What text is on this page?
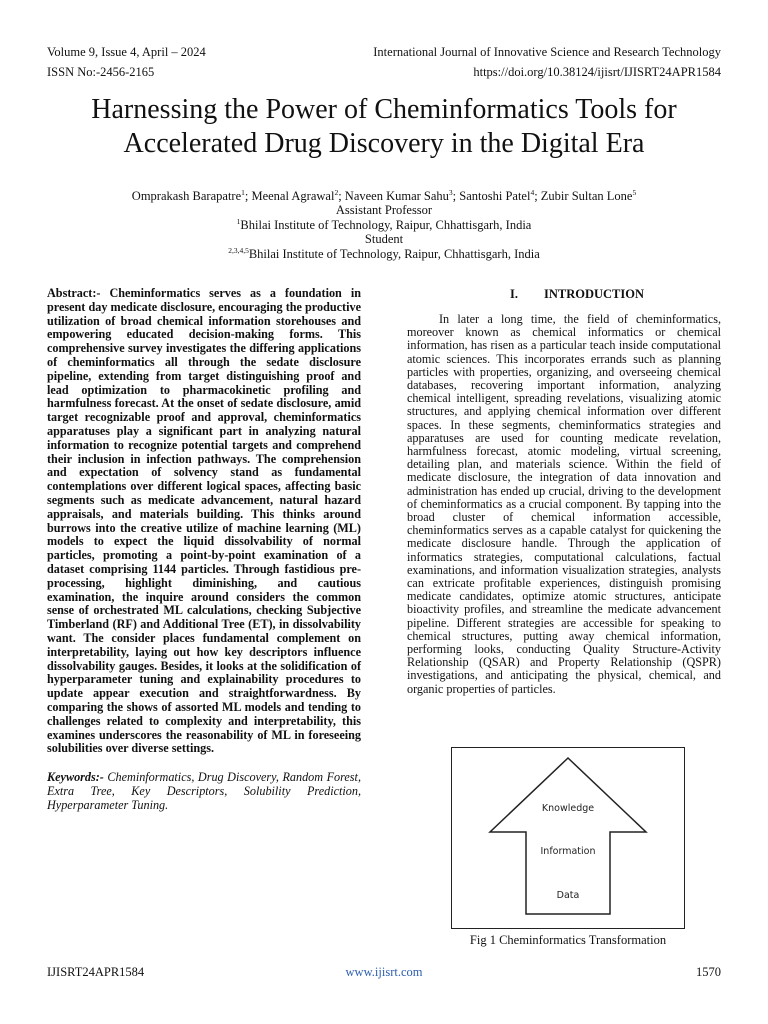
Volume 9, Issue 4, April – 2024	International Journal of Innovative Science and Research Technology
ISSN No:-2456-2165	https://doi.org/10.38124/ijisrt/IJISRT24APR1584
Harnessing the Power of Cheminformatics Tools for
Accelerated Drug Discovery in the Digital Era
Omprakash Barapatre$^1$; Meenal Agrawal$^2$; Naveen Kumar Sahu$^3$; Santoshi Patel$^4$; Zubir Sultan Lone$^5$
Assistant Professor
$^1$Bhilai Institute of Technology, Raipur, Chhattisgarh, India
Student
$^{2,3,4,5}$Bhilai Institute of Technology, Raipur, Chhattisgarh, India

Abstract:- Cheminformatics serves as a foundation in present day medicate disclosure, encouraging the productive utilization of broad chemical information storehouses and empowering educated decision-making forms. This comprehensive survey investigates the differing applications of cheminformatics all through the sedate disclosure pipeline, extending from target distinguishing proof and lead optimization to pharmacokinetic profiling and harmfulness forecast. At the onset of sedate disclosure, amid target recognizable proof and approval, cheminformatics apparatuses play a significant part in analyzing natural information to recognize potential targets and comprehend their inclusion in infection pathways. The comprehension and expectation of solvency stand as fundamental contemplations over different logical spaces, affecting basic segments such as medicate advancement, natural hazard appraisals, and materials building. This thinks around burrows into the creative utilize of machine learning (ML) models to expect the liquid dissolvability of normal particles, promoting a point-by-point examination of a dataset comprising 1144 particles. Through fastidious pre-processing, highlight diminishing, and cautious examination, the inquire around considers the common sense of orchestrated ML calculations, checking Subjective Timberland (RF) and Additional Tree (ET), in dissolvability want. The consider places fundamental complement on interpretability, laying out how key descriptors influence dissolvability gauges. Besides, it looks at the solidification of hyperparameter tuning and explainability procedures to update appear execution and straightforwardness. By comparing the shows of assorted ML models and tending to challenges related to complexity and interpretability, this examines underscores the reasonability of ML in foreseeing solubilities over diverse settings.

Keywords:- Cheminformatics, Drug Discovery, Random Forest, Extra Tree, Key Descriptors, Solubility Prediction, Hyperparameter Tuning.

I. INTRODUCTION

In later a long time, the field of cheminformatics, moreover known as chemical informatics or chemical information, has risen as a particular teach inside computational atomic sciences. This incorporates errands such as planning particles with properties, organizing, and overseeing chemical databases, recovering important information, analyzing chemical intelligent, spreading revelations, visualizing atomic structures, and applying chemical information over different spaces. In these segments, cheminformatics strategies and apparatuses are used for counting medicate revelation, harmfulness forecast, atomic modeling, virtual screening, detailing plan, and materials science. Within the field of medicate disclosure, the integration of data innovation and administration has ended up crucial, driving to the development of cheminformatics as a crucial component. By tapping into the broad cluster of chemical information accessible, cheminformatics serves as a capable catalyst for quickening the medicate disclosure handle. Through the application of informatics strategies, computational calculations, factual examinations, and information visualization strategies, analysts can extricate profitable experiences, distinguish promising medicate candidates, optimize atomic structures, anticipate bioactivity profiles, and streamline the medicate advancement pipeline. Different strategies are accessible for speaking to chemical structures, putting away chemical information, performing looks, conducting Quality Structure-Activity Relationship (QSAR) and Property Relationship (QSPR) investigations, and anticipating the physical, chemical, and organic properties of particles.

Knowledge
Information
Data
Fig 1 Cheminformatics Transformation
IJISRT24APR1584	www.ijisrt.com	1570
